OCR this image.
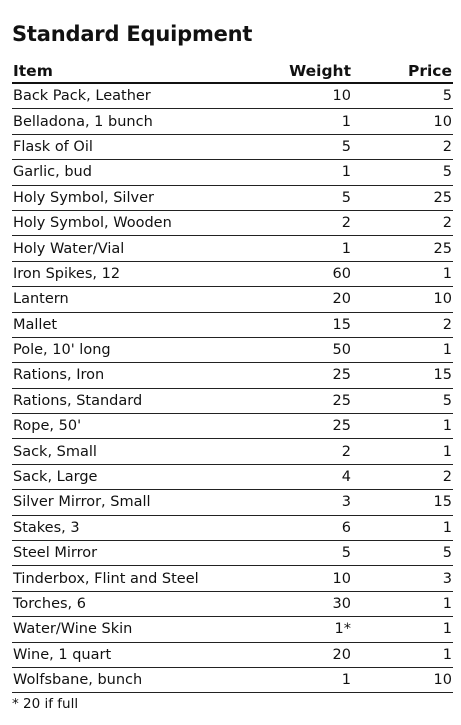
Standard Equipment
Item	Weight	Price
Back Pack, Leather	10	5
Belladona, 1 bunch	1	10
Flask of Oil	5	2
Garlic, bud	1	5
Holy Symbol, Silver	5	25
Holy Symbol, Wooden	2	2
Holy Water/Vial	1	25
Iron Spikes, 12	60	1
Lantern	20	10
Mallet	15	2
Pole, 10' long	50	1
Rations, Iron	25	15
Rations, Standard	25	5
Rope, 50'	25	1
Sack, Small	2	1
Sack, Large	4	2
Silver Mirror, Small	3	15
Stakes, 3	6	1
Steel Mirror	5	5
Tinderbox, Flint and Steel	10	3
Torches, 6	30	1
Water/Wine Skin	1*	1
Wine, 1 quart	20	1
Wolfsbane, bunch	1	10
* 20 if full
